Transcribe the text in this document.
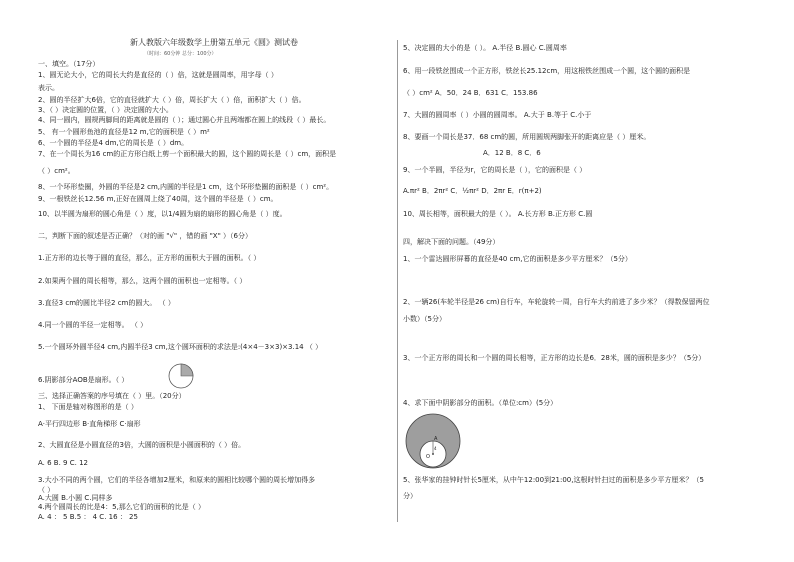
新人教版六年级数学上册第五单元《圆》测试卷
（时间：60分钟 总分：100分）
一、填空。（17分）
1、圆无论大小，它的周长大约是直径的（ ）倍，这就是圆周率，用字母（ ）
表示。
2、圆的半径扩大6倍，它的直径就扩大（ ）倍，周长扩大（ ）倍，面积扩大（ ）倍。
3、（ ）决定圆的位置，（ ）决定圆的大小。
4、同一圆内，圆规两脚间的距离就是圆的（ ）；通过圆心并且两端都在圆上的线段（ ）最长。
5、 有一个圆形鱼池的直径是12 m,它的面积是（ ）m²
6、一个圆的半径是4 dm,它的周长是（ ）dm。
7、在一个周长为16 cm的正方形白纸上剪一个面积最大的圆，这个圆的周长是（ ）cm，面积是
（ ）cm²。
8、一个环形垫圈，外圆的半径是2 cm,内圆的半径是1 cm，这个环形垫圈的面积是（ ）cm²。
9、一根铁丝长12.56 m,正好在圆周上绕了40周，这个圆的半径是（ ）cm。
10、以半圆为扇形的圆心角是（ ）度，以1/4圆为扇的扇形的圆心角是（ ）度。
二，判断下面的叙述是否正确？（对的画 "√" ，错的画 "X" ）（6分）
1.正方形的边长等于圆的直径，那么，正方形的面积大于圆的面积。（ ）
2.如果两个圆的周长相等，那么，这两个圆的面积也一定相等。（ ）
3.直径3 cm的圆比半径2 cm的圆大。 （ ）
4.同一个圆的半径一定相等。 （ ）
5.一个圆环外圆半径4 cm,内圆半径3 cm,这个圆环面积的求法是:(4×4－3×3)×3.14 （ ）
6.阴影部分AOB是扇形。（ ）
三、选择正确答案的序号填在（ ）里。（20分）
1、 下面是轴对称图形的是（ ）
A·平行四边形 B·直角梯形 C·扇形
2、大圆直径是小圆直径的3倍，大圆的面积是小圆面积的（ ）倍。
A. 6 B. 9 C. 12
3.大小不同的两个圆，它们的半径各增加2厘米，和原来的圆相比较哪个圆的周长增加得多
（ ）
A.大圆 B.小圆 C.同样多
4.两个圆周长的比是4：5,那么它们的面积的比是（ ）
A. 4 ： 5 B.5 ： 4 C. 16 ： 25
5、决定圆的大小的是（ ）。 A.半径 B.圆心 C.圆周率
6、用一段铁丝围成一个正方形，铁丝长25.12cm，用这根铁丝围成一个圆，这个圆的面积是
（ ）cm² A．50．24 B．631 C．153.86
7、大圆的圆周率（ ）小圆的圆周率。 A.大于 B.等于 C.小于
8、要画一个周长是37．68 cm的圆，所用圆规两脚张开的距离应是（ ）厘米。
A．12 B．8 C．6
9、一个半圆，半径为r，它的周长是（ ），它的面积是（ ）
A.πr² B．2πr² C．½πr² D．2πr E．r(π+2)
10、周长相等，面积最大的是（ ）。 A.长方形 B.正方形 C.圆
四，解决下面的问题。（49分）
1、一个雷达圆形屏幕的直径是40 cm,它的面积是多少平方厘米？（5分）
2、一辆26(车轮半径是26 cm)自行车，车轮旋转一周，自行车大约前进了多少米？（得数保留两位
小数）（5分）
3、一个正方形的周长和一个圆的周长相等，正方形的边长是6．28米，圆的面积是多少？（5分）
4、求下面中阴影部分的面积。（单位:cm）(5分）
5、张华家的挂钟时针长5厘米，从中午12:00到21:00,这根时针扫过的面积是多少平方厘米？（5
分）
O
4
A
